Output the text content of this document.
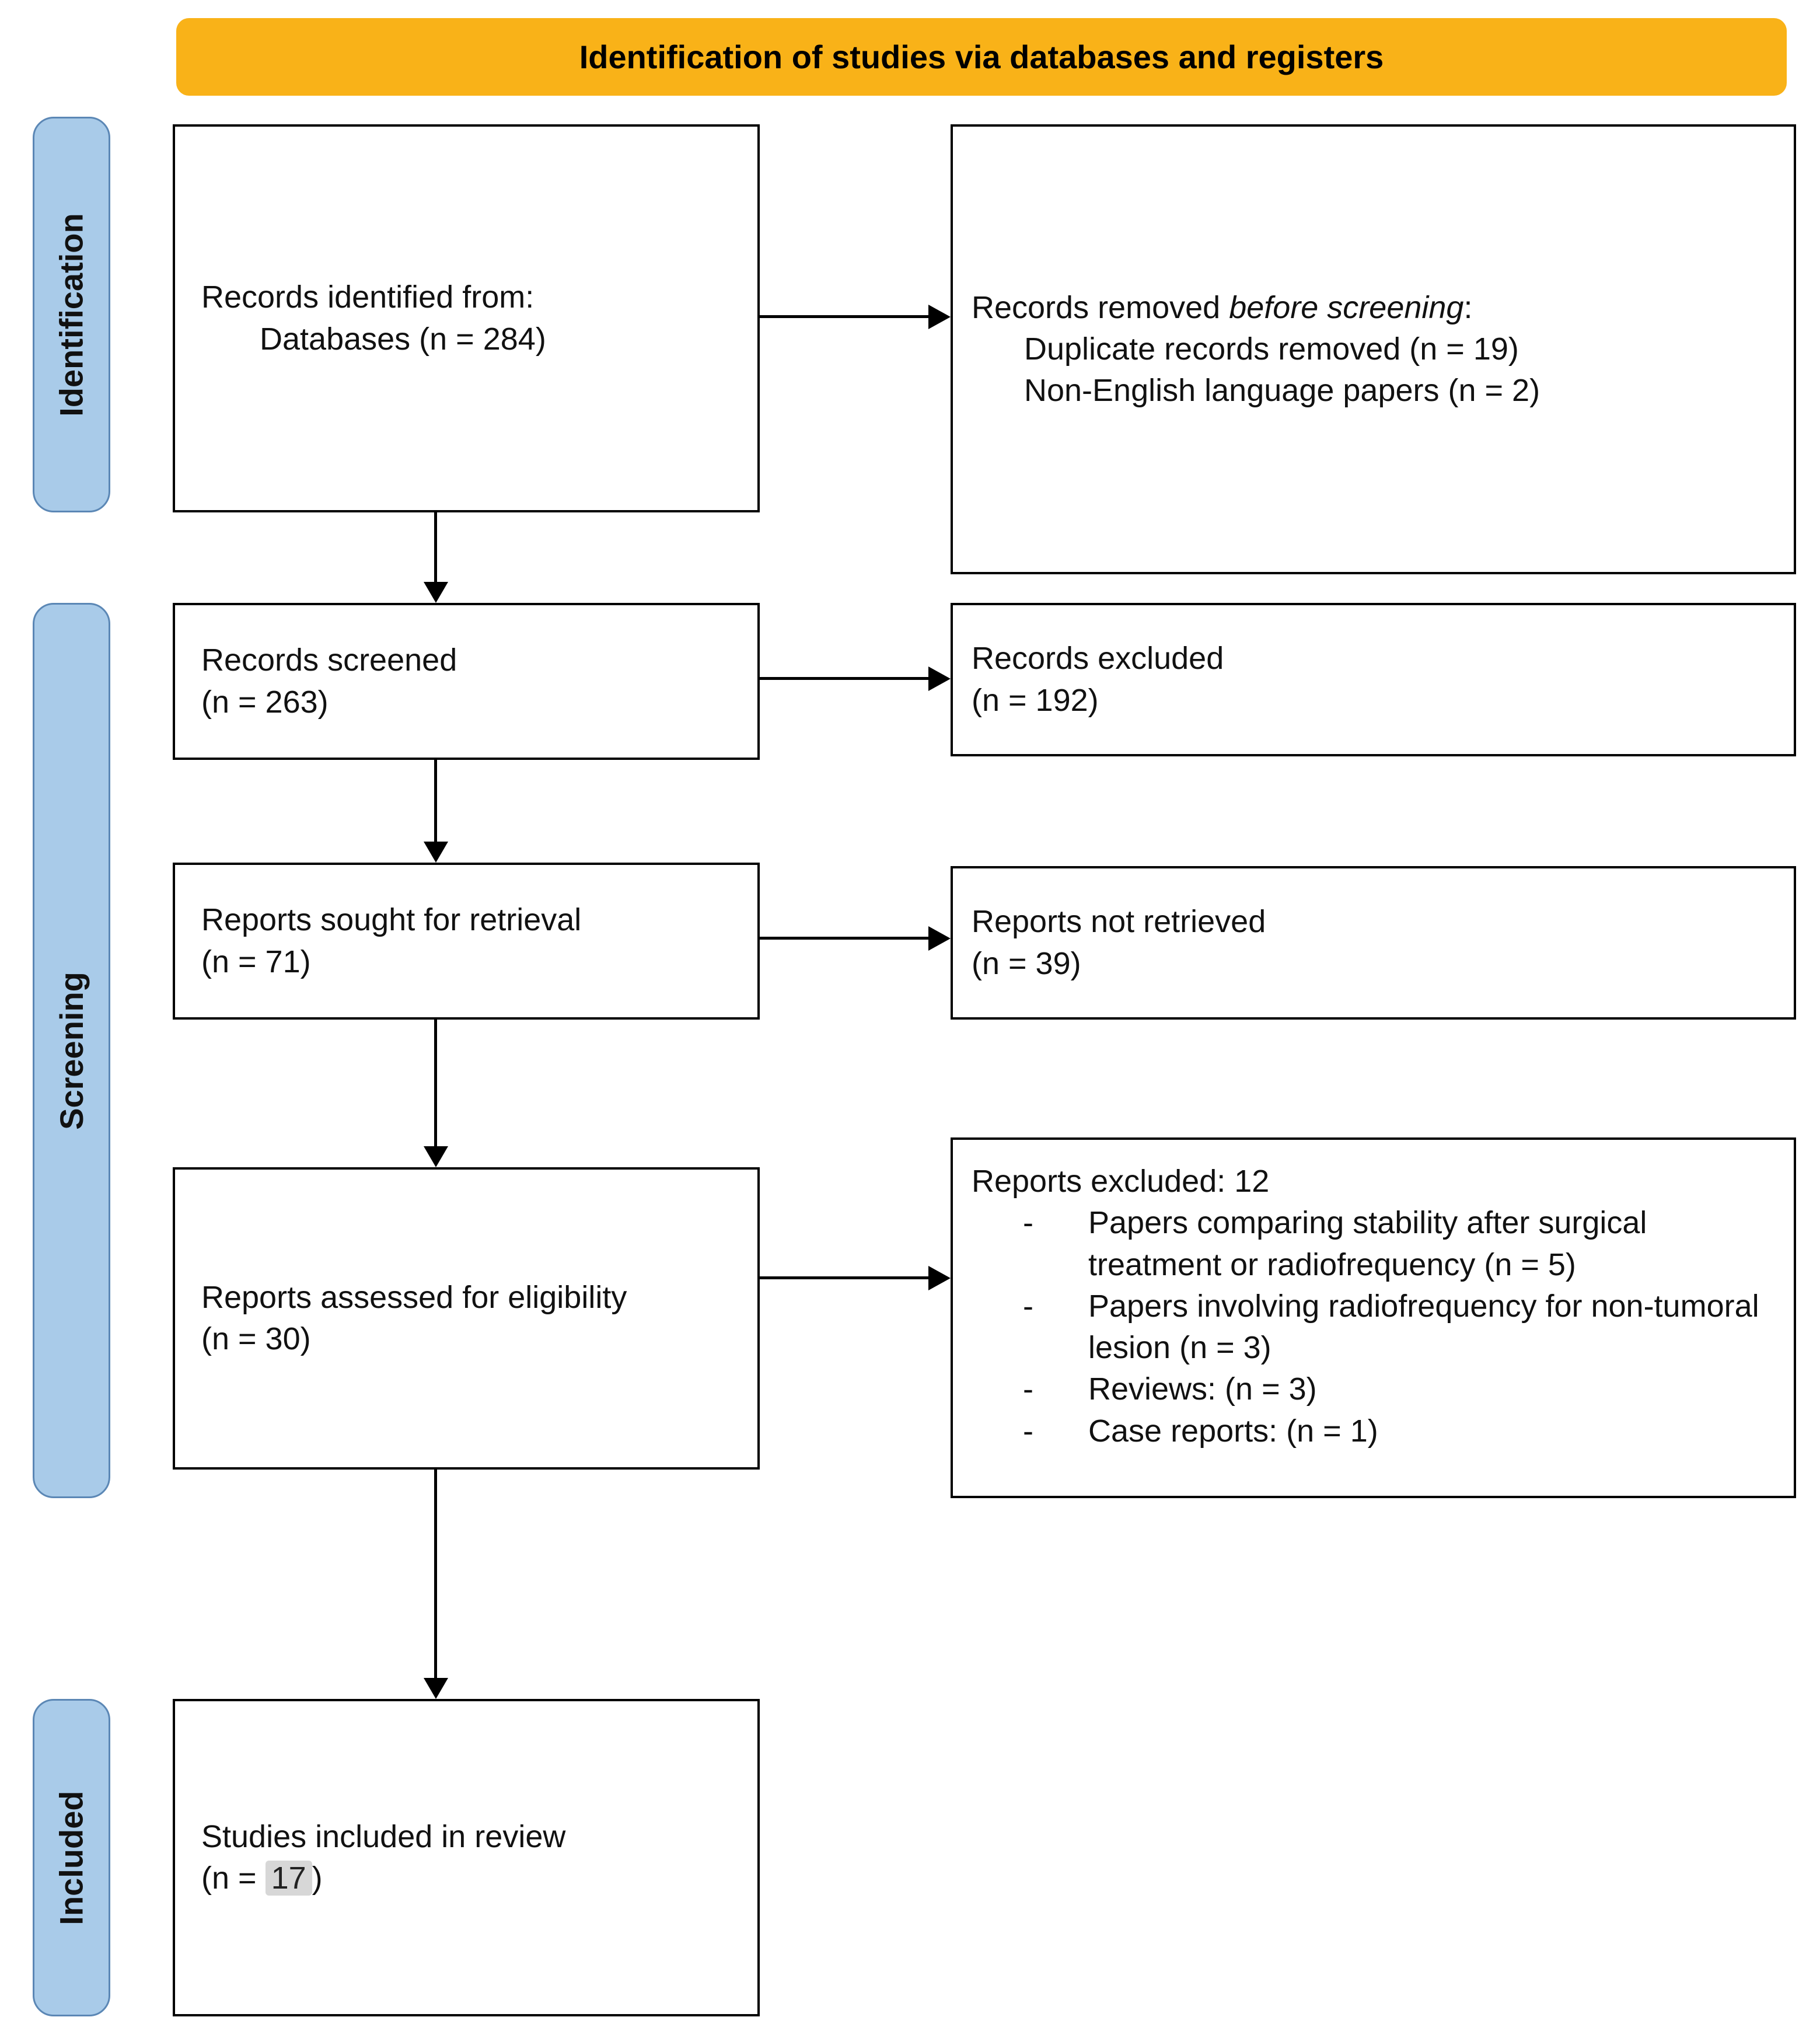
Identification of studies via databases and registers
Identification
Screening
Included
Records identified from:
Databases (n = 284)
Records removed before screening:
Duplicate records removed (n = 19)
Non-English language papers (n = 2)
Records screened
(n = 263)
Records excluded
(n = 192)
Reports sought for retrieval
(n = 71)
Reports not retrieved
(n = 39)
Reports assessed for eligibility
(n = 30)
Reports excluded: 12
-	Papers comparing stability after surgical treatment or radiofrequency (n = 5)
-	Papers involving radiofrequency for non-tumoral lesion (n = 3)
-	Reviews: (n = 3)
-	Case reports: (n = 1)
Studies included in review
(n = 17 )
